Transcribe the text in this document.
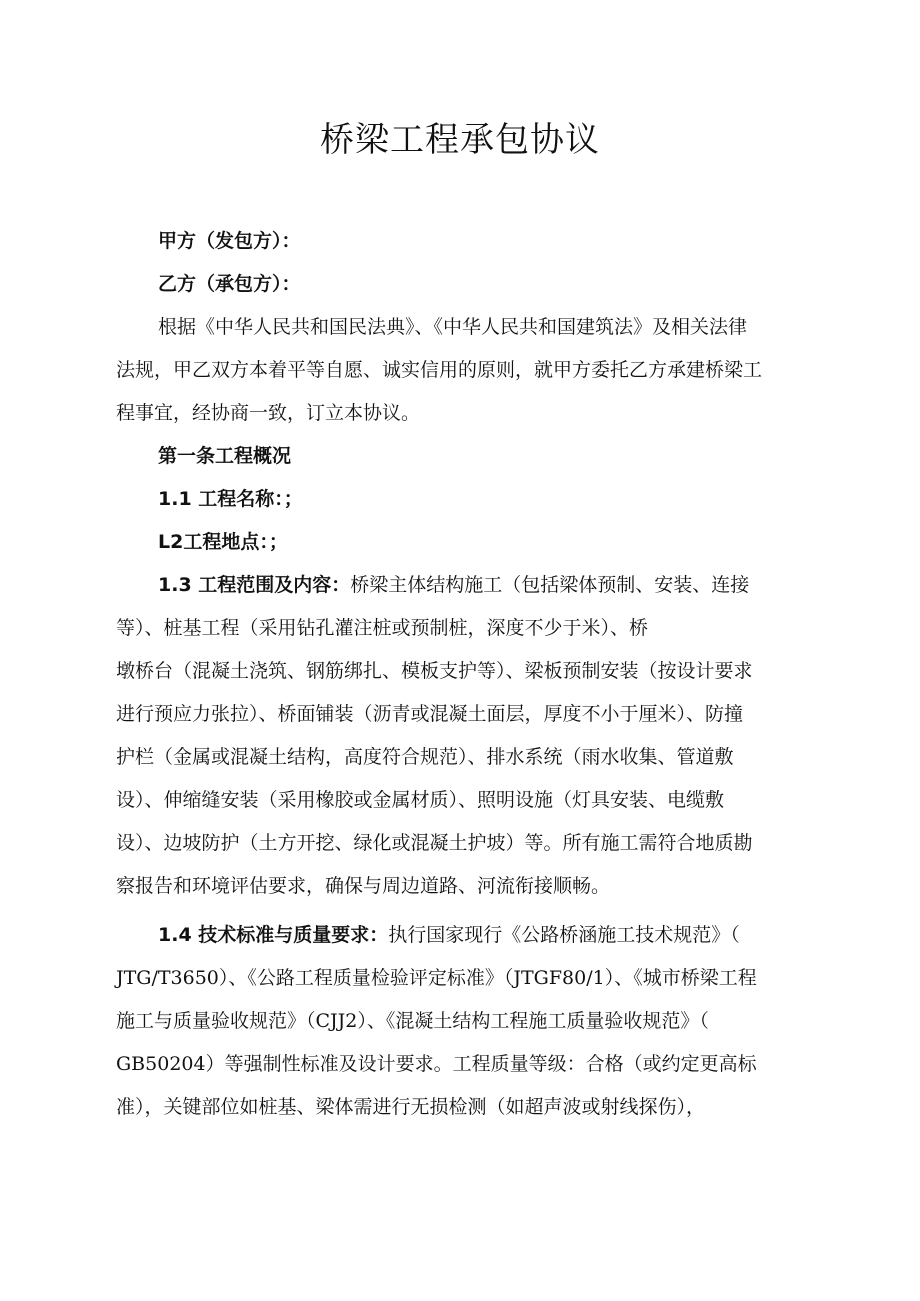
桥梁工程承包协议
甲方（发包方）：
乙方（承包方）：
根据《中华人民共和国民法典》、《中华人民共和国建筑法》及相关法律
法规，甲乙双方本着平等自愿、诚实信用的原则，就甲方委托乙方承建桥梁工
程事宜，经协商一致，订立本协议。
第一条工程概况
1.1 工程名称：；
L2工程地点：；
1.3 工程范围及内容：桥梁主体结构施工（包括梁体预制、安装、连接
等）、桩基工程（采用钻孔灌注桩或预制桩，深度不少于米）、桥
墩桥台（混凝土浇筑、钢筋绑扎、模板支护等）、梁板预制安装（按设计要求
进行预应力张拉）、桥面铺装（沥青或混凝土面层，厚度不小于厘米）、防撞
护栏（金属或混凝土结构，高度符合规范）、排水系统（雨水收集、管道敷
设）、伸缩缝安装（采用橡胶或金属材质）、照明设施（灯具安装、电缆敷
设）、边坡防护（土方开挖、绿化或混凝土护坡）等。所有施工需符合地质勘
察报告和环境评估要求，确保与周边道路、河流衔接顺畅。
1.4 技术标准与质量要求：执行国家现行《公路桥涵施工技术规范》（
JTG/T3650）、《公路工程质量检验评定标准》（JTGF80/1）、《城市桥梁工程
施工与质量验收规范》（CJJ2）、《混凝土结构工程施工质量验收规范》（
GB50204）等强制性标准及设计要求。工程质量等级：合格（或约定更高标
准），关键部位如桩基、梁体需进行无损检测（如超声波或射线探伤），
